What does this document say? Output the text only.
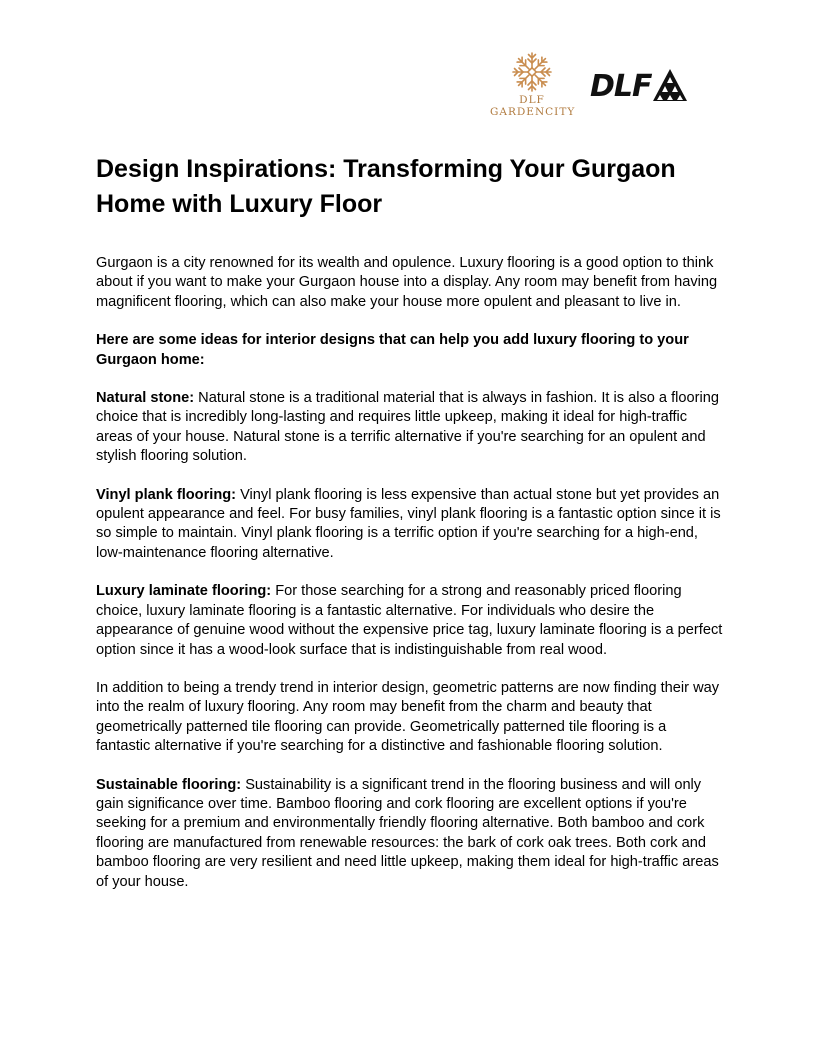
DLF
GARDENCITY
DLF
Design Inspirations: Transforming Your Gurgaon Home with Luxury Floor

Gurgaon is a city renowned for its wealth and opulence. Luxury flooring is a good option to think about if you want to make your Gurgaon house into a display. Any room may benefit from having magnificent flooring, which can also make your house more opulent and pleasant to live in.

Here are some ideas for interior designs that can help you add luxury flooring to your Gurgaon home:

Natural stone: Natural stone is a traditional material that is always in fashion. It is also a flooring choice that is incredibly long-lasting and requires little upkeep, making it ideal for high-traffic areas of your house. Natural stone is a terrific alternative if you're searching for an opulent and stylish flooring solution.

Vinyl plank flooring: Vinyl plank flooring is less expensive than actual stone but yet provides an opulent appearance and feel. For busy families, vinyl plank flooring is a fantastic option since it is so simple to maintain. Vinyl plank flooring is a terrific option if you're searching for a high-end, low-maintenance flooring alternative.

Luxury laminate flooring: For those searching for a strong and reasonably priced flooring choice, luxury laminate flooring is a fantastic alternative. For individuals who desire the appearance of genuine wood without the expensive price tag, luxury laminate flooring is a perfect option since it has a wood-look surface that is indistinguishable from real wood.

In addition to being a trendy trend in interior design, geometric patterns are now finding their way into the realm of luxury flooring. Any room may benefit from the charm and beauty that geometrically patterned tile flooring can provide. Geometrically patterned tile flooring is a fantastic alternative if you're searching for a distinctive and fashionable flooring solution.

Sustainable flooring: Sustainability is a significant trend in the flooring business and will only gain significance over time. Bamboo flooring and cork flooring are excellent options if you're seeking for a premium and environmentally friendly flooring alternative. Both bamboo and cork flooring are manufactured from renewable resources: the bark of cork oak trees. Both cork and bamboo flooring are very resilient and need little upkeep, making them ideal for high-traffic areas of your house.
